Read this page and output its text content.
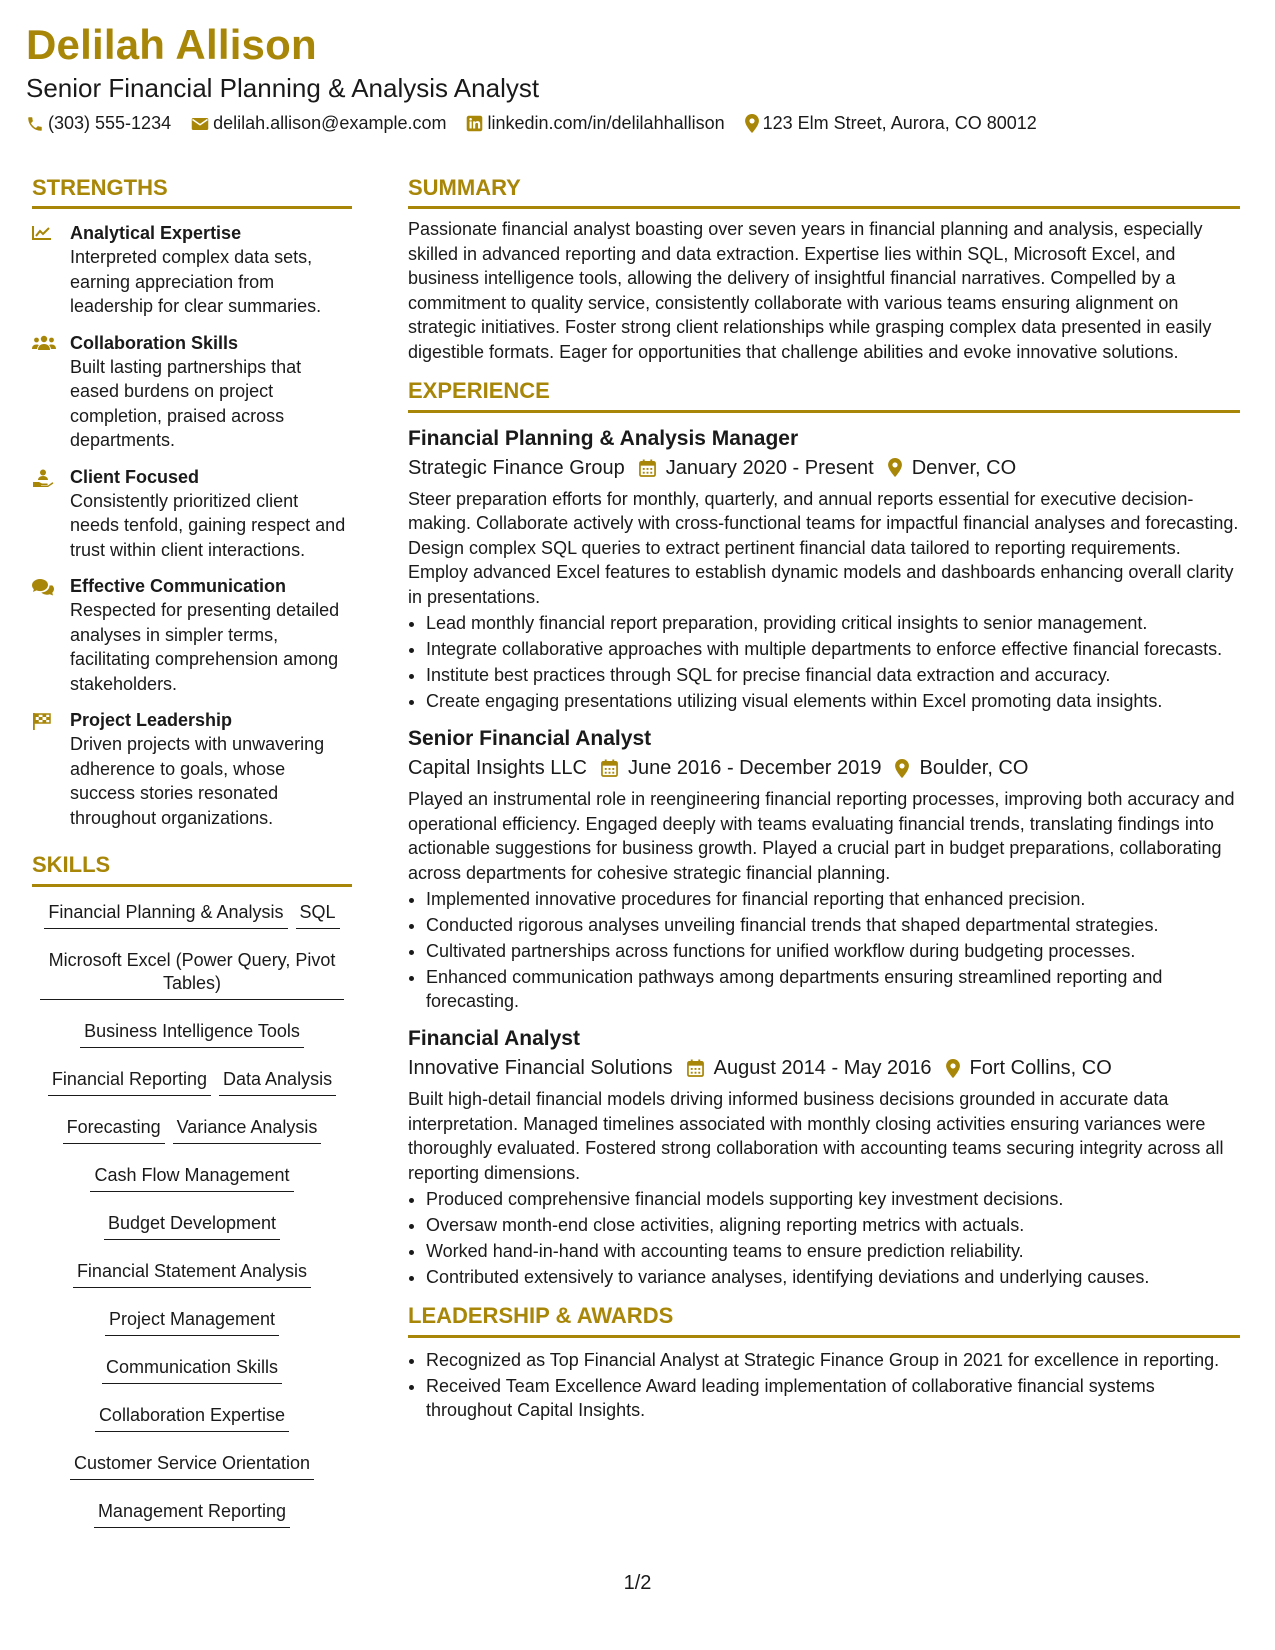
Delilah Allison
Senior Financial Planning & Analysis Analyst
(303) 555-1234 delilah.allison@example.com linkedin.com/in/delilahhallison 123 Elm Street, Aurora, CO 80012
STRENGTHS
Analytical Expertise
Interpreted complex data sets, earning appreciation from leadership for clear summaries.
Collaboration Skills
Built lasting partnerships that eased burdens on project completion, praised across departments.
Client Focused
Consistently prioritized client needs tenfold, gaining respect and trust within client interactions.
Effective Communication
Respected for presenting detailed analyses in simpler terms, facilitating comprehension among stakeholders.
Project Leadership
Driven projects with unwavering adherence to goals, whose success stories resonated throughout organizations.
SKILLS
Financial Planning & Analysis SQL
Microsoft Excel (Power Query, Pivot Tables)
Business Intelligence Tools
Financial Reporting Data Analysis
Forecasting Variance Analysis
Cash Flow Management
Budget Development
Financial Statement Analysis
Project Management
Communication Skills
Collaboration Expertise
Customer Service Orientation
Management Reporting
SUMMARY
Passionate financial analyst boasting over seven years in financial planning and analysis, especially skilled in advanced reporting and data extraction. Expertise lies within SQL, Microsoft Excel, and business intelligence tools, allowing the delivery of insightful financial narratives. Compelled by a commitment to quality service, consistently collaborate with various teams ensuring alignment on strategic initiatives. Foster strong client relationships while grasping complex data presented in easily digestible formats. Eager for opportunities that challenge abilities and evoke innovative solutions.
EXPERIENCE
Financial Planning & Analysis Manager
Strategic Finance Group January 2020 - Present Denver, CO
Steer preparation efforts for monthly, quarterly, and annual reports essential for executive decision-making. Collaborate actively with cross-functional teams for impactful financial analyses and forecasting. Design complex SQL queries to extract pertinent financial data tailored to reporting requirements. Employ advanced Excel features to establish dynamic models and dashboards enhancing overall clarity in presentations.
• Lead monthly financial report preparation, providing critical insights to senior management.
• Integrate collaborative approaches with multiple departments to enforce effective financial forecasts.
• Institute best practices through SQL for precise financial data extraction and accuracy.
• Create engaging presentations utilizing visual elements within Excel promoting data insights.
Senior Financial Analyst
Capital Insights LLC June 2016 - December 2019 Boulder, CO
Played an instrumental role in reengineering financial reporting processes, improving both accuracy and operational efficiency. Engaged deeply with teams evaluating financial trends, translating findings into actionable suggestions for business growth. Played a crucial part in budget preparations, collaborating across departments for cohesive strategic financial planning.
• Implemented innovative procedures for financial reporting that enhanced precision.
• Conducted rigorous analyses unveiling financial trends that shaped departmental strategies.
• Cultivated partnerships across functions for unified workflow during budgeting processes.
• Enhanced communication pathways among departments ensuring streamlined reporting and forecasting.
Financial Analyst
Innovative Financial Solutions August 2014 - May 2016 Fort Collins, CO
Built high-detail financial models driving informed business decisions grounded in accurate data interpretation. Managed timelines associated with monthly closing activities ensuring variances were thoroughly evaluated. Fostered strong collaboration with accounting teams securing integrity across all reporting dimensions.
• Produced comprehensive financial models supporting key investment decisions.
• Oversaw month-end close activities, aligning reporting metrics with actuals.
• Worked hand-in-hand with accounting teams to ensure prediction reliability.
• Contributed extensively to variance analyses, identifying deviations and underlying causes.
LEADERSHIP & AWARDS
• Recognized as Top Financial Analyst at Strategic Finance Group in 2021 for excellence in reporting.
• Received Team Excellence Award leading implementation of collaborative financial systems throughout Capital Insights.
1/2
